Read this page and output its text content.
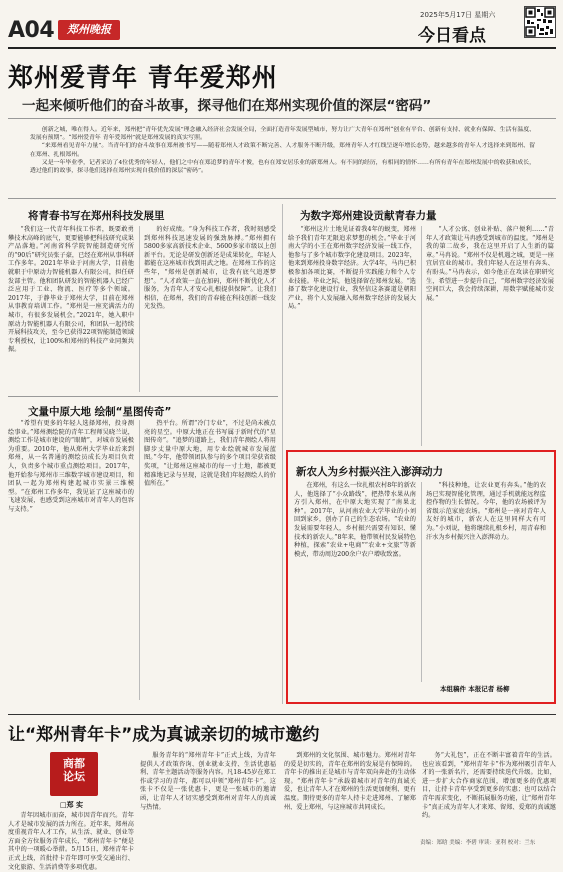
A04	郑州晚报
2025年5月17日 星期六
今日看点
郑州爱青年 青年爱郑州
一起来倾听他们的奋斗故事，探寻他们在郑州实现价值的深层“密码”

创新之城，唯在得人。近年来，郑州把“青年优先发展”理念融入经济社会发展全局，全面打造青年发展型城市，努力让广大青年在郑州“创业有平台、创新有支持、就业有保障、生活有温度、发展有预期”。“郑州爱青年 青年爱郑州”就是郑州发展的真实写照。

“来郑州看见青年力量”。当青年们的奋斗故事在郑州被书写——随着郑州人才政策不断完善、人才服务不断升级，郑州青年人才红线呈逐年增长态势，越来越多的青年人才选择来到郑州、留在郑州、扎根郑州。

又是一年毕业季，记者采访了4位优秀的年轻人，他们之中有在郑追梦的青年才俊，也有在郑安居乐业的新郑州人。有不同的经历，有相同的情怀……有所有青年在郑州发展中的收获和成长，透过他们的故事，探寻他们选择在郑州实现自我价值的深层“密码”。

将青春书写在郑州科技发展里

“我们这一代青年科技工作者，既要敢勇攀技术高峰的底气，更要能够把科技研究成果产品落地。”河南省科学院智能制造研究所的“90后”研究员张子豪，已经在郑州从事科研工作多年。2021年毕业于河南大学，目前他就职于中原动力智能机器人有限公司，担任研发部主管。他和团队研发的智能机器人已经广泛应用于工业、物流、医疗等多个领域。2017年，于静毕业于郑州大学，目前在郑州从事教育培训工作。“郑州是一座充满活力的城市，有很多发展机会。”2021年，她入职中原动力智能机器人有限公司，和团队一起持续开展科技攻关，至今已获得22项智能制造领域专利授权，让100%和郑州的科技产业同频共振。

的好成绩。“身为科技工作者，我时刻感受到郑州科技迅速发展的强劲脉搏。”郑州拥有5800多家高新技术企业、5600多家市级以上创新平台。无论是研发创新还是成果转化，年轻人都能在这座城市找到用武之地。在郑州工作的这些年，“郑州是创新城市，让我有底气追逐梦想”。“人才政策一直在加码，郑州不断优化人才服务，为青年人才安心扎根提供保障”。让我们相信，在郑州，我们的青春能在科技创新一线发光发热。

为数字郑州建设贡献青春力量

“郑州这片土地见证着我4年的蜕变，郑州给予我们青年无限追求梦想的机会。”毕业于河南大学的小王在郑州数字经济发展一线工作，他参与了多个城市数字化建设项目。2023年，他来到郑州投身数字经济。大学4年，马冉已积极参加各项比赛，不断提升实践能力和个人专业技能。毕业之际，他选择留在郑州发展。“选择了数字化建设行业，我坚信这条赛道是朝阳产业，将个人发展融入郑州数字经济的发展大局。”

“人才公寓、创业补贴、落户便利……”青年人才政策让马冉感受到城市的温度。“郑州是我的第二故乡，我在这里开启了人生新的篇章。”马冉说。“郑州不仅是机遇之城，更是一座宜居宜业的城市。我们年轻人在这里有奔头、有盼头。”马冉表示，如今他正在攻读在职研究生，希望进一步提升自己，“郑州数字经济发展空间巨大，我会持续深耕，用数字赋能城市发展。”

文量中原大地 绘制“星图传奇”

“希望有更多的年轻人选择郑州，投身测绘事业。”郑州测绘院的青年工程师吴晓兰说，测绘工作是城市建设的“眼睛”，对城市发展极为重要。2010年，他从郑州大学毕业后来到郑州，从一名普通的测绘员成长为项目负责人，负责多个城市重点测绘项目。2017年，他开始参与郑州市三维数字城市建设项目，和团队一起为郑州构建起城市实景三维模型。“在郑州工作多年，我见证了这座城市的飞速发展，也感受到这座城市对青年人的包容与支持。”

热平台。所谓“冷门专业”，不过是尚未被点亮的星空。中原大地正在书写属于新时代的“星图传奇”。“追梦的道路上，我们青年测绘人将用脚步丈量中原大地，用专业绘就城市发展蓝图。”今年，他带领团队参与的多个项目荣获省级奖项，“让郑州这座城市的每一寸土地，都被更精准地记录与呈现，这就是我们年轻测绘人的价值所在。”

新农人为乡村振兴注入澎湃动力

在郑州，有这么一位扎根农村8年的新农人，他选择了“小众路线”，把热带水果从南方引入郑州，在中原大地实现了“南果北种”。2017年，从河南农业大学毕业的小刘回到家乡，创办了自己的生态农场。“农业的发展需要年轻人，乡村振兴需要有知识、懂技术的新农人。”8年来，他带领村民发展特色种植，探索“农业+电商”“农业+文旅”等新模式，带动周边200余户农户增收致富。

“科技种地，让农业更有奔头。”他的农场已实现智能化管理，通过手机就能远程监控作物的生长情况。今年，他的农场被评为省级示范家庭农场。“郑州是一座对青年人友好的城市，新农人在这里同样大有可为。”小刘说，他将继续扎根乡村，用青春和汗水为乡村振兴注入澎湃动力。

本组稿件 本报记者 杨柳
让“郑州青年卡”成为真诚亲切的城市邀约
商都
论坛
□郑 实

青年因城市而奋，城市因青年而兴。青年人才是城市发展的活力所在。近年来，郑州高度重视青年人才工作，从生活、就业、创业等方面全方位服务青年成长，“郑州青年卡”便是其中的一项暖心举措。5月15日，郑州青年卡正式上线，首批持卡青年即可享受交通出行、文化旅游、生活消费等多项优惠。

服务青年的“郑州青年卡”正式上线，为青年提供人才政策咨询、创业就业支持、生活优惠福利、青年主题活动等服务内容。凡18-45岁在郑工作或学习的青年，都可以申领“郑州青年卡”。这张卡不仅是一张优惠卡，更是一张城市的邀请函，让青年人才切实感受到郑州对青年人的真诚与热情。

到郑州的文化氛围、城市魅力。郑州对青年的爱是切实的，青年在郑州的发展是有保障的。青年卡的推出正是城市与青年双向奔赴的生动体现。“郑州青年卡”承载着城市对青年的真诚关爱，也让青年人才在郑州的生活更加便利、更有温度。期待更多的青年人持卡走进郑州、了解郑州、爱上郑州，与这座城市共同成长。

务“大礼包”，正在不断丰富着青年的生活。也应该看到，“郑州青年卡”作为郑州吸引青年人才的一张新名片，还需要持续迭代升级。比如，进一步扩大合作商家范围，增加更多的优惠项目，让持卡青年享受到更多的实惠；也可以结合青年需求变化，不断拓展服务功能，让“郑州青年卡”真正成为青年人才来郑、留郑、爱郑的真诚邀约。

责编：郑晗 美编：李碧 审读：亚利 校对：兰东
